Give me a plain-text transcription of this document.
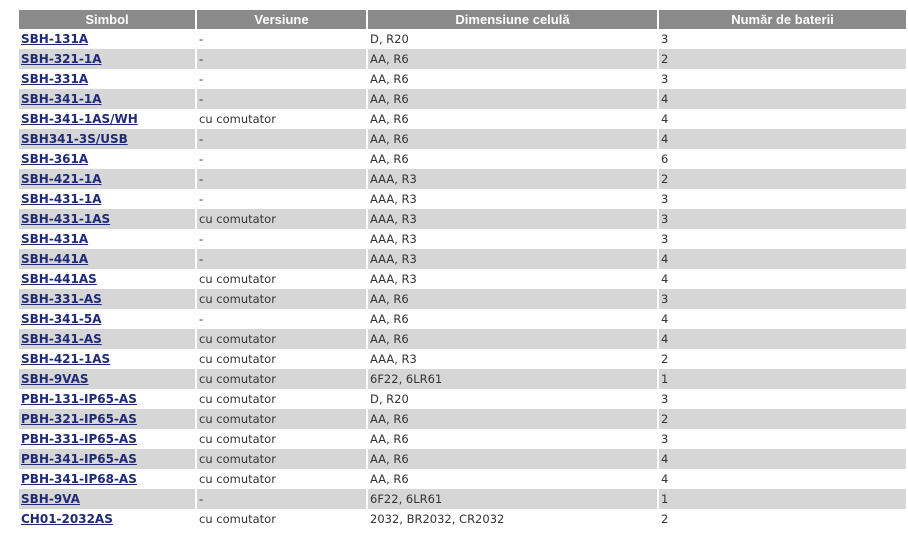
Simbol	Versiune	Dimensiune celulă	Număr de baterii
SBH-131A	-	D, R20	3
SBH-321-1A	-	AA, R6	2
SBH-331A	-	AA, R6	3
SBH-341-1A	-	AA, R6	4
SBH-341-1AS/WH	cu comutator	AA, R6	4
SBH341-3S/USB	-	AA, R6	4
SBH-361A	-	AA, R6	6
SBH-421-1A	-	AAA, R3	2
SBH-431-1A	-	AAA, R3	3
SBH-431-1AS	cu comutator	AAA, R3	3
SBH-431A	-	AAA, R3	3
SBH-441A	-	AAA, R3	4
SBH-441AS	cu comutator	AAA, R3	4
SBH-331-AS	cu comutator	AA, R6	3
SBH-341-5A	-	AA, R6	4
SBH-341-AS	cu comutator	AA, R6	4
SBH-421-1AS	cu comutator	AAA, R3	2
SBH-9VAS	cu comutator	6F22, 6LR61	1
PBH-131-IP65-AS	cu comutator	D, R20	3
PBH-321-IP65-AS	cu comutator	AA, R6	2
PBH-331-IP65-AS	cu comutator	AA, R6	3
PBH-341-IP65-AS	cu comutator	AA, R6	4
PBH-341-IP68-AS	cu comutator	AA, R6	4
SBH-9VA	-	6F22, 6LR61	1
CH01-2032AS	cu comutator	2032, BR2032, CR2032	2
